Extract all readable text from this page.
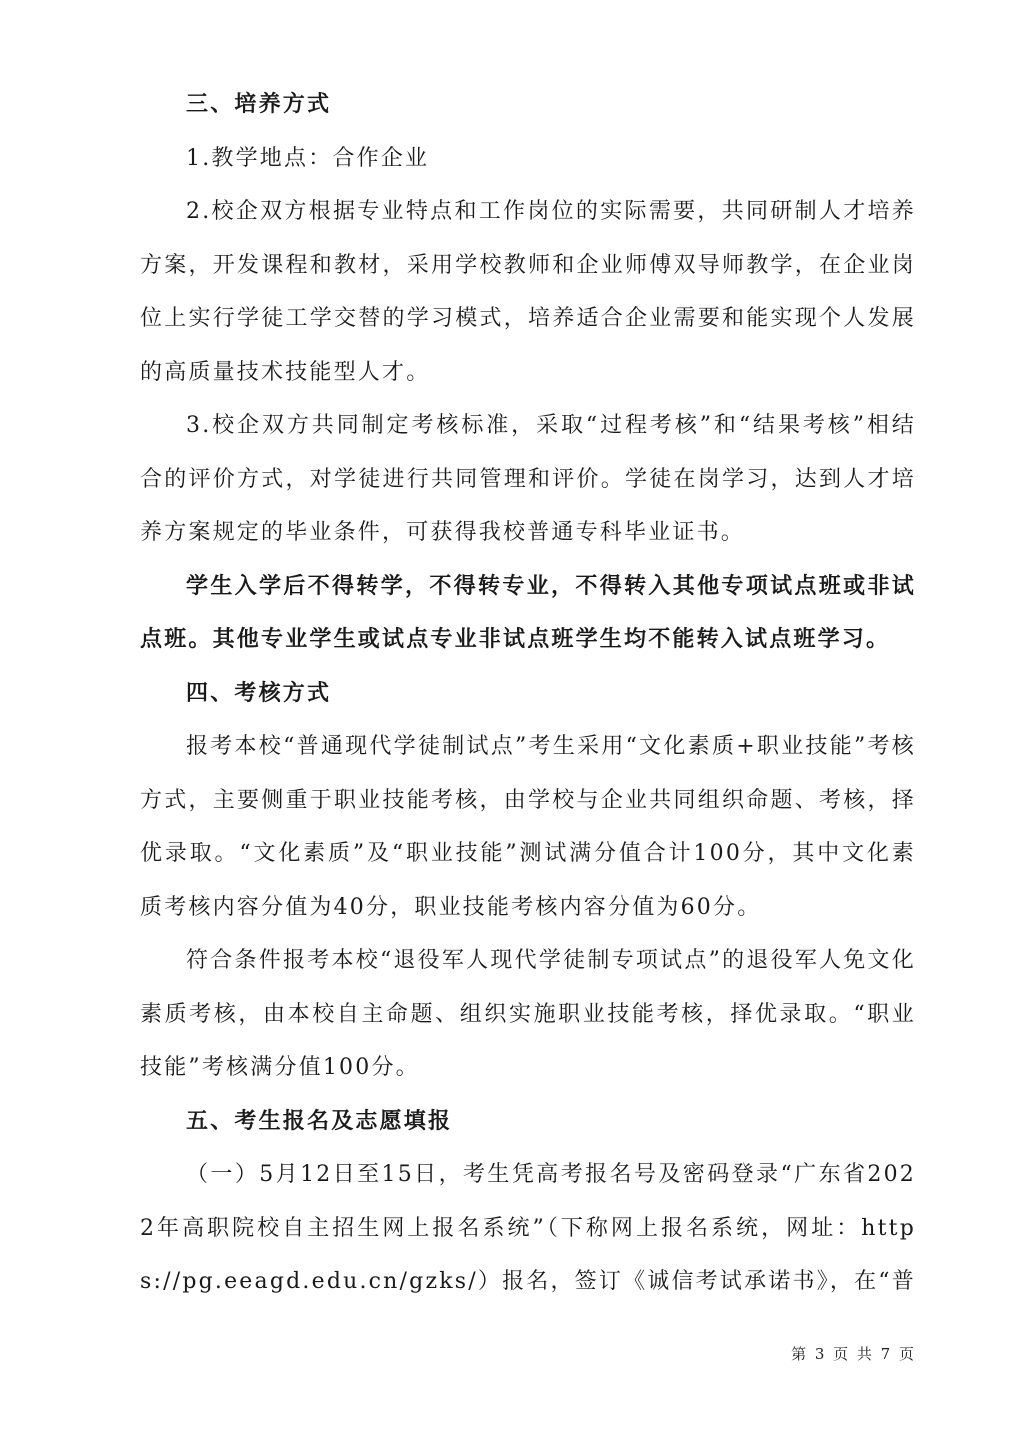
三、培养方式

1.教学地点：合作企业

2.校企双方根据专业特点和工作岗位的实际需要，共同研制人才培养方案，开发课程和教材，采用学校教师和企业师傅双导师教学，在企业岗位上实行学徒工学交替的学习模式，培养适合企业需要和能实现个人发展的高质量技术技能型人才。

3.校企双方共同制定考核标准，采取“过程考核”和“结果考核”相结合的评价方式，对学徒进行共同管理和评价。学徒在岗学习，达到人才培养方案规定的毕业条件，可获得我校普通专科毕业证书。

学生入学后不得转学，不得转专业，不得转入其他专项试点班或非试点班。其他专业学生或试点专业非试点班学生均不能转入试点班学习。

四、考核方式

报考本校“普通现代学徒制试点”考生采用“文化素质+职业技能”考核方式，主要侧重于职业技能考核，由学校与企业共同组织命题、考核，择优录取。“文化素质”及“职业技能”测试满分值合计100分，其中文化素质考核内容分值为40分，职业技能考核内容分值为60分。

符合条件报考本校“退役军人现代学徒制专项试点”的退役军人免文化素质考核，由本校自主命题、组织实施职业技能考核，择优录取。“职业技能”考核满分值100分。

五、考生报名及志愿填报

（一）5月12日至15日，考生凭高考报名号及密码登录“广东省2022年高职院校自主招生网上报名系统”（下称网上报名系统，网址：https://pg.eeagd.edu.cn/gzks/）报名，签订《诚信考试承诺书》，在“普

第 3 页 共 7 页
